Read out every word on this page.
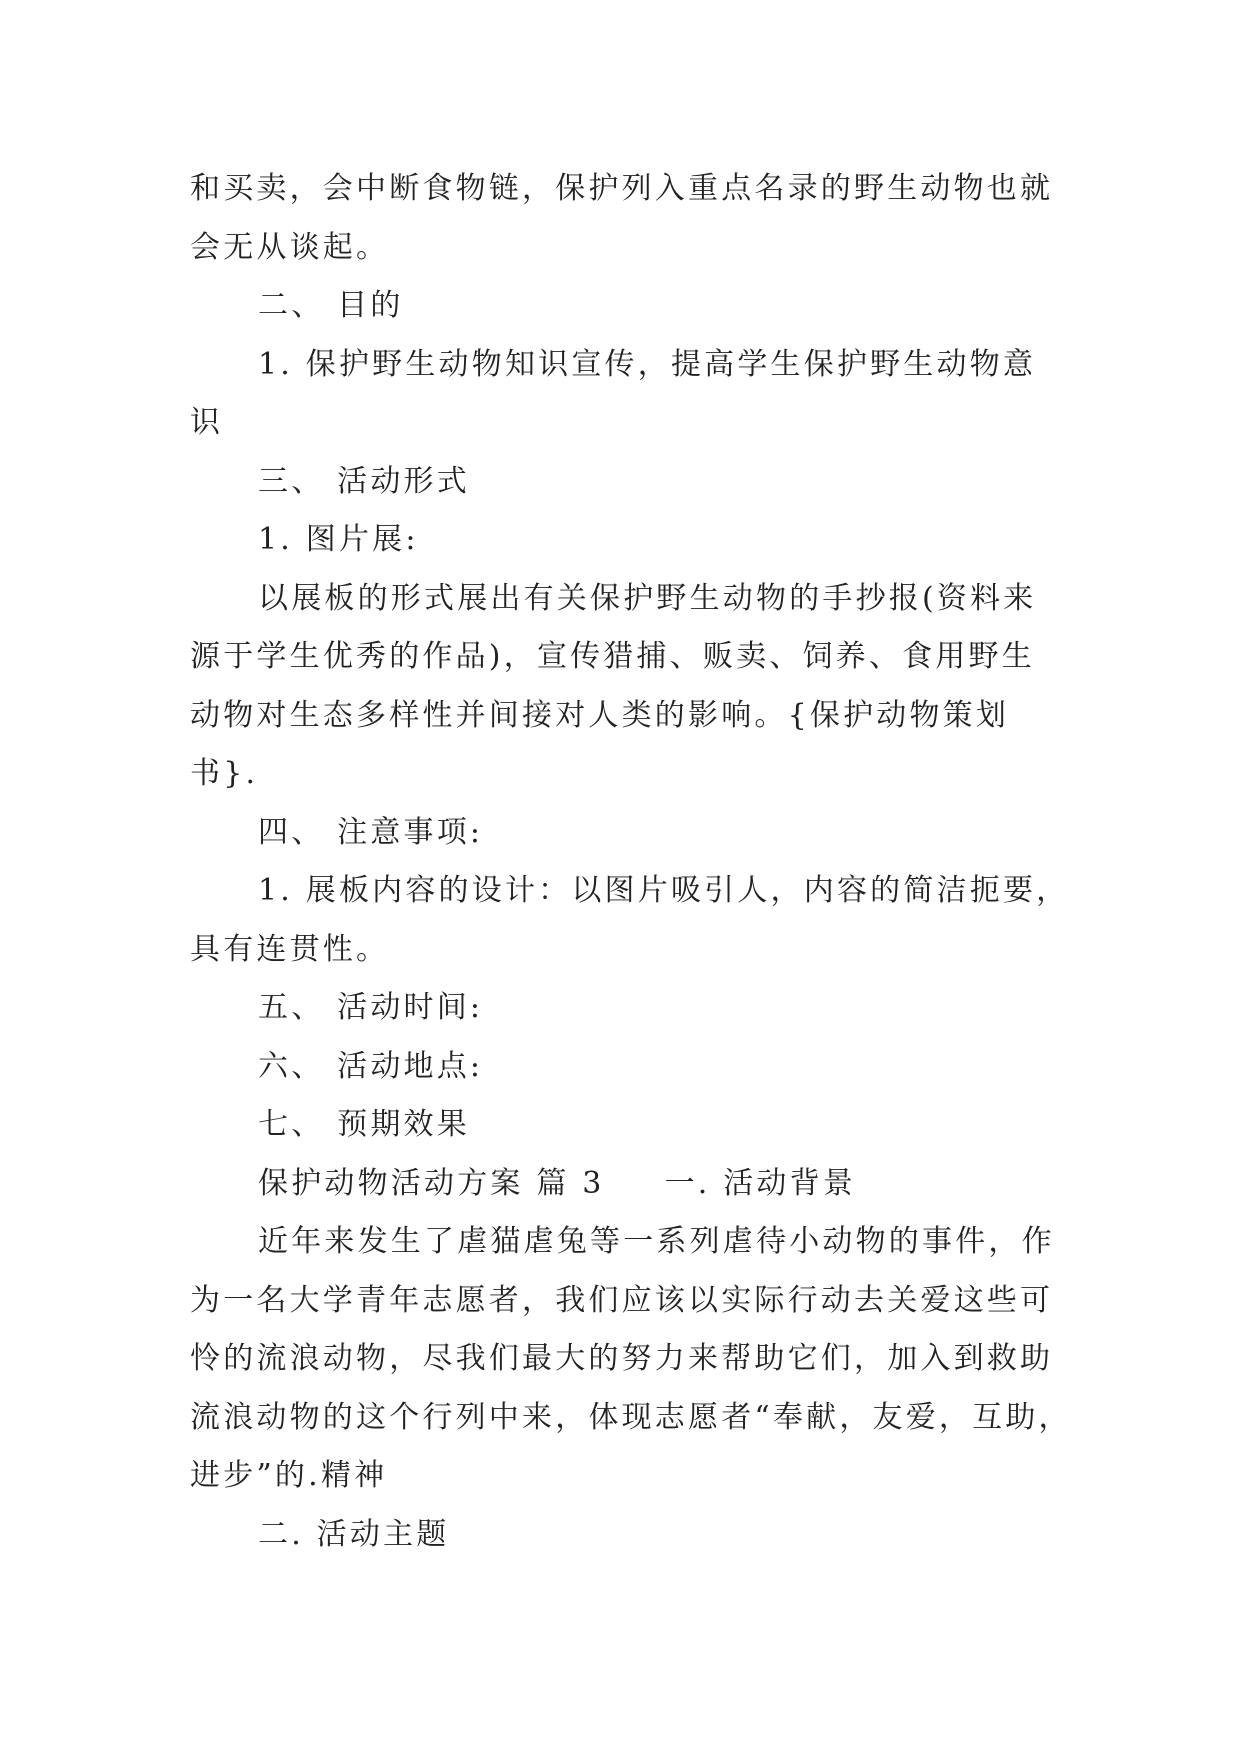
和买卖，会中断食物链，保护列入重点名录的野生动物也就
会无从谈起。
二、 目的
1. 保护野生动物知识宣传，提高学生保护野生动物意
识
三、 活动形式
1. 图片展:
以展板的形式展出有关保护野生动物的手抄报(资料来
源于学生优秀的作品)，宣传猎捕、贩卖、饲养、食用野生
动物对生态多样性并间接对人类的影响。{保护动物策划
书}.
四、 注意事项:
1. 展板内容的设计：以图片吸引人，内容的简洁扼要，
具有连贯性。
五、 活动时间:
六、 活动地点:
七、 预期效果
保护动物活动方案 篇 3 一. 活动背景
近年来发生了虐猫虐兔等一系列虐待小动物的事件，作
为一名大学青年志愿者，我们应该以实际行动去关爱这些可
怜的流浪动物，尽我们最大的努力来帮助它们，加入到救助
流浪动物的这个行列中来，体现志愿者“奉献，友爱，互助，
进步”的.精神
二. 活动主题
